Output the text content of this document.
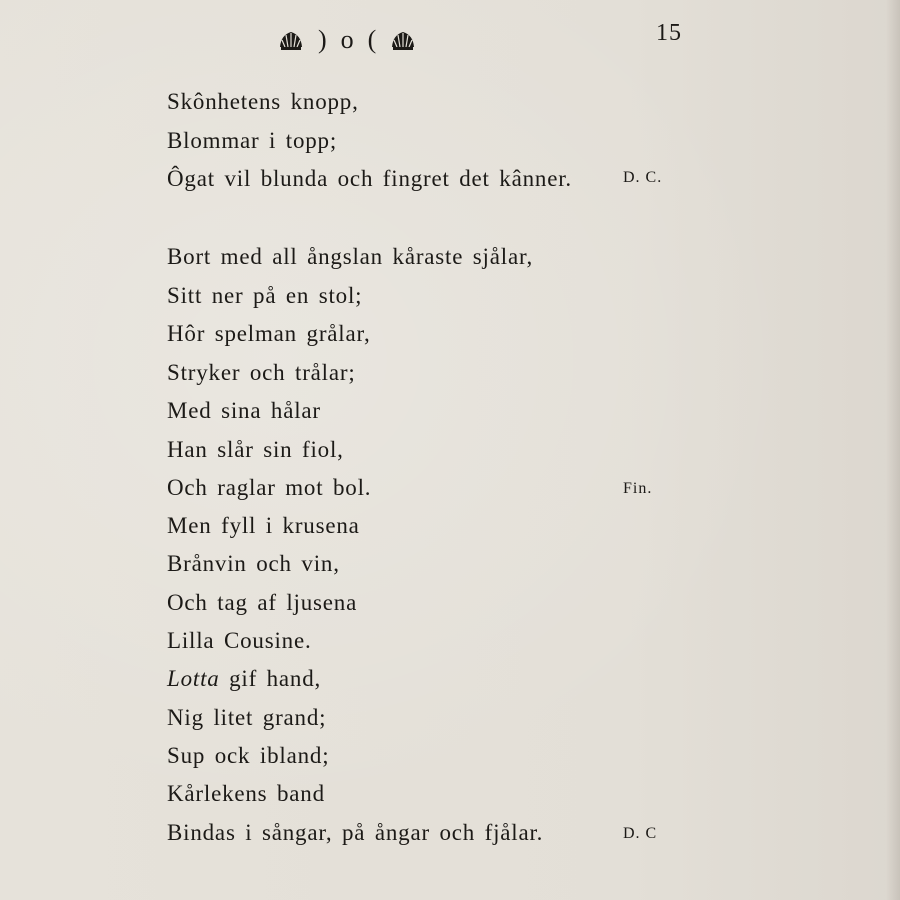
) o (	15
Skônhetens knopp,
Blommar i topp;
Ôgat vil blunda och fingret det kânner.	D. C.
Bort med all ångslan kåraste sjålar,
Sitt ner på en stol;
Hôr spelman grålar,
Stryker och trålar;
Med sina hålar
Han slår sin fiol,
Och raglar mot bol.	Fin.
Men fyll i krusena
Brånvin och vin,
Och tag af ljusena
Lilla Cousine.
Lotta gif hand,
Nig litet grand;
Sup ock ibland;
Kårlekens band
Bindas i sångar, på ångar och fjålar.	D. C
